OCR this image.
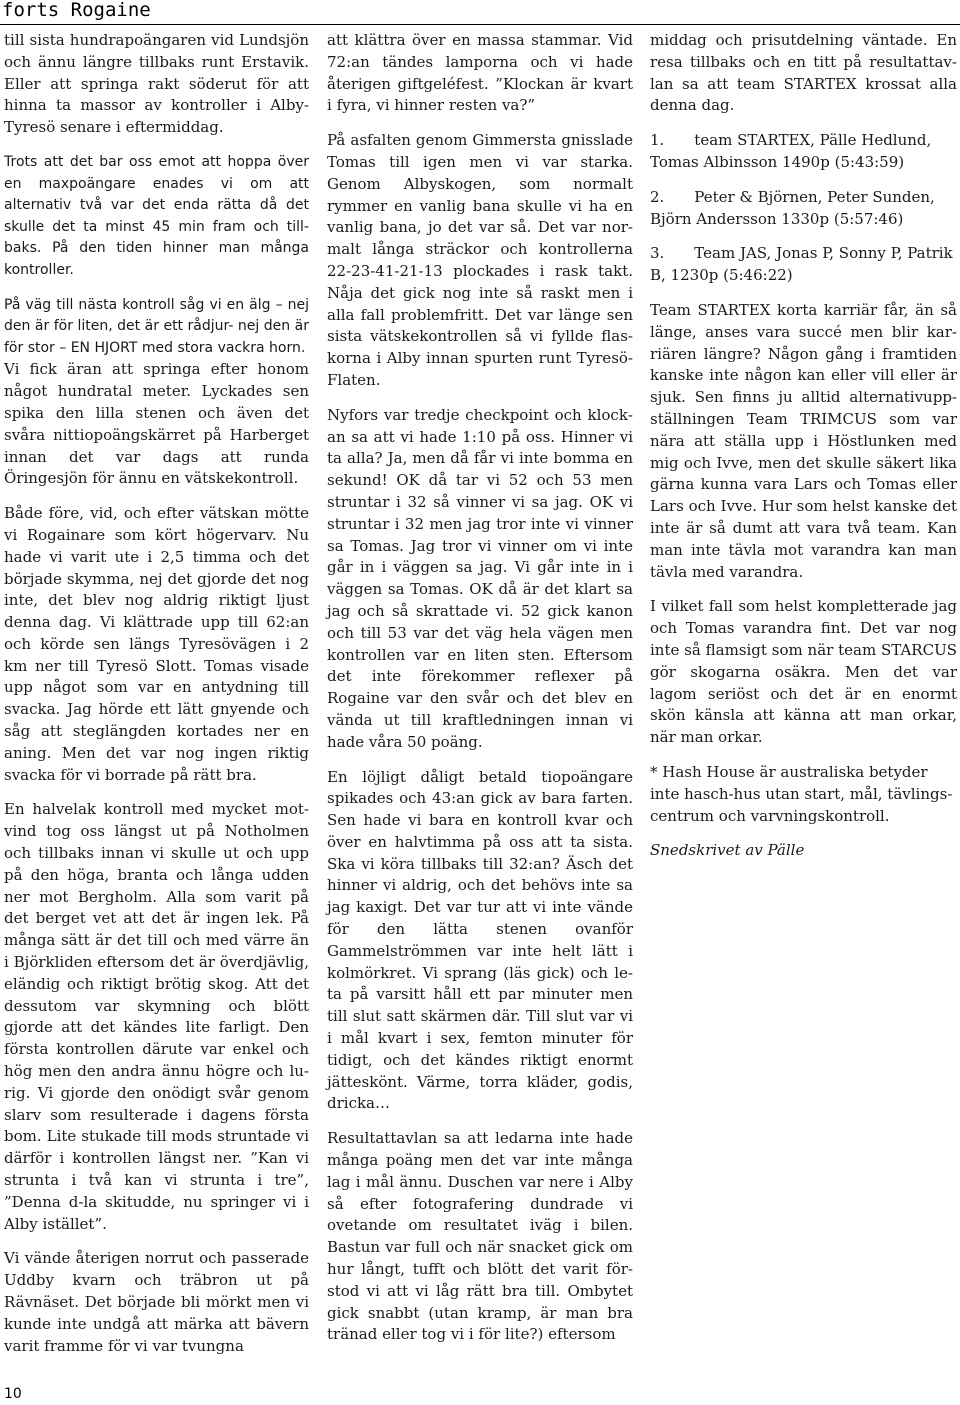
forts Rogaine

till sista hundrapoängaren vid Lundsjön och ännu längre tillbaks runt Erstavik. Eller att springa rakt söderut för att hinna ta massor av kontroller i Alby-Tyresö senare i eftermiddag.

Trots att det bar oss emot att hoppa över en maxpoängare enades vi om att alternativ två var det enda rätta då det skulle det ta minst 45 min fram och tillbaks. På den tiden hinner man många kontroller.

På väg till nästa kontroll såg vi en älg – nej den är för liten, det är ett rådjur- nej den är för stor – EN HJORT med stora vackra horn.

Vi fick äran att springa efter honom något hundratal meter. Lyckades sen spika den lilla stenen och även det svåra nittiopoängskärret på Harberget innan det var dags att runda Öringesjön för ännu en vätskekontroll.

Både före, vid, och efter vätskan mötte vi Rogainare som kört högervarv. Nu hade vi varit ute i 2,5 timma och det började skymma, nej det gjorde det nog inte, det blev nog aldrig riktigt ljust denna dag. Vi klättrade upp till 62:an och körde sen längs Tyresövägen i 2 km ner till Tyresö Slott. Tomas visade upp något som var en antydning till svacka. Jag hörde ett lätt gnyende och såg att steglängden kortades ner en aning. Men det var nog ingen riktig svacka för vi borrade på rätt bra.

En halvelak kontroll med mycket motvind tog oss längst ut på Notholmen och tillbaks innan vi skulle ut och upp på den höga, branta och långa udden ner mot Bergholm. Alla som varit på det berget vet att det är ingen lek. På många sätt är det till och med värre än i Björkliden eftersom det är överdjävlig, eländig och riktigt brötig skog. Att det dessutom var skymning och blött gjorde att det kändes lite farligt. Den första kontrollen därute var enkel och hög men den andra ännu högre och lurig. Vi gjorde den onödigt svår genom slarv som resulterade i dagens första bom. Lite stukade till mods struntade vi därför i kontrollen längst ner. ”Kan vi strunta i två kan vi strunta i tre”, ”Denna d-la skitudde, nu springer vi i Alby istället”.

Vi vände återigen norrut och passerade Uddby kvarn och träbron ut på Rävnäset. Det började bli mörkt men vi kunde inte undgå att märka att bävern varit framme för vi var tvungna

att klättra över en massa stammar. Vid 72:an tändes lamporna och vi hade återigen giftgeléfest. ”Klockan är kvart i fyra, vi hinner resten va?”

På asfalten genom Gimmersta gnisslade Tomas till igen men vi var starka. Genom Albyskogen, som normalt rymmer en vanlig bana skulle vi ha en vanlig bana, jo det var så. Det var normalt långa sträckor och kontrollerna 22-23-41-21-13 plockades i rask takt. Nåja det gick nog inte så raskt men i alla fall problemfritt. Det var länge sen sista vätskekontrollen så vi fyllde flaskorna i Alby innan spurten runt Tyresö-Flaten.

Nyfors var tredje checkpoint och klockan sa att vi hade 1:10 på oss. Hinner vi ta alla? Ja, men då får vi inte bomma en sekund! OK då tar vi 52 och 53 men struntar i 32 så vinner vi sa jag. OK vi struntar i 32 men jag tror inte vi vinner sa Tomas. Jag tror vi vinner om vi inte går in i väggen sa jag. Vi går inte in i väggen sa Tomas. OK då är det klart sa jag och så skrattade vi. 52 gick kanon och till 53 var det väg hela vägen men kontrollen var en liten sten. Eftersom det inte förekommer reflexer på Rogaine var den svår och det blev en vända ut till kraftledningen innan vi hade våra 50 poäng.

En löjligt dåligt betald tiopoängare spikades och 43:an gick av bara farten. Sen hade vi bara en kontroll kvar och över en halvtimma på oss att ta sista. Ska vi köra tillbaks till 32:an? Äsch det hinner vi aldrig, och det behövs inte sa jag kaxigt. Det var tur att vi inte vände för den lätta stenen ovanför Gammelströmmen var inte helt lätt i kolmörkret. Vi sprang (läs gick) och leta på varsitt håll ett par minuter men till slut satt skärmen där. Till slut var vi i mål kvart i sex, femton minuter för tidigt, och det kändes riktigt enormt jätteskönt. Värme, torra kläder, godis, dricka…

Resultattavlan sa att ledarna inte hade många poäng men det var inte många lag i mål ännu. Duschen var nere i Alby så efter fotografering dundrade vi ovetande om resultatet iväg i bilen. Bastun var full och när snacket gick om hur långt, tufft och blött det varit förstod vi att vi låg rätt bra till. Ombytet gick snabbt (utan kramp, är man bra tränad eller tog vi i för lite?) eftersom

middag och prisutdelning väntade. En resa tillbaks och en titt på resultattavlan sa att team STARTEX krossat alla denna dag.

1.  team STARTEX, Pälle Hedlund, Tomas Albinsson 1490p (5:43:59)

2.  Peter & Björnen, Peter Sunden, Björn Andersson 1330p (5:57:46)

3.  Team JAS, Jonas P, Sonny P, Patrik B, 1230p (5:46:22)

Team STARTEX korta karriär får, än så länge, anses vara succé men blir karriären längre? Någon gång i framtiden kanske inte någon kan eller vill eller är sjuk. Sen finns ju alltid alternativuppställningen Team TRIMCUS som var nära att ställa upp i Höstlunken med mig och Ivve, men det skulle säkert lika gärna kunna vara Lars och Tomas eller Lars och Ivve. Hur som helst kanske det inte är så dumt att vara två team. Kan man inte tävla mot varandra kan man tävla med varandra.

I vilket fall som helst kompletterade jag och Tomas varandra fint. Det var nog inte så flamsigt som när team STARCUS gör skogarna osäkra. Men det var lagom seriöst och det är en enormt skön känsla att känna att man orkar, när man orkar.

* Hash House är australiska betyder inte hasch-hus utan start, mål, tävlingscentrum och varvningskontroll.

Snedskrivet av Pälle

10
